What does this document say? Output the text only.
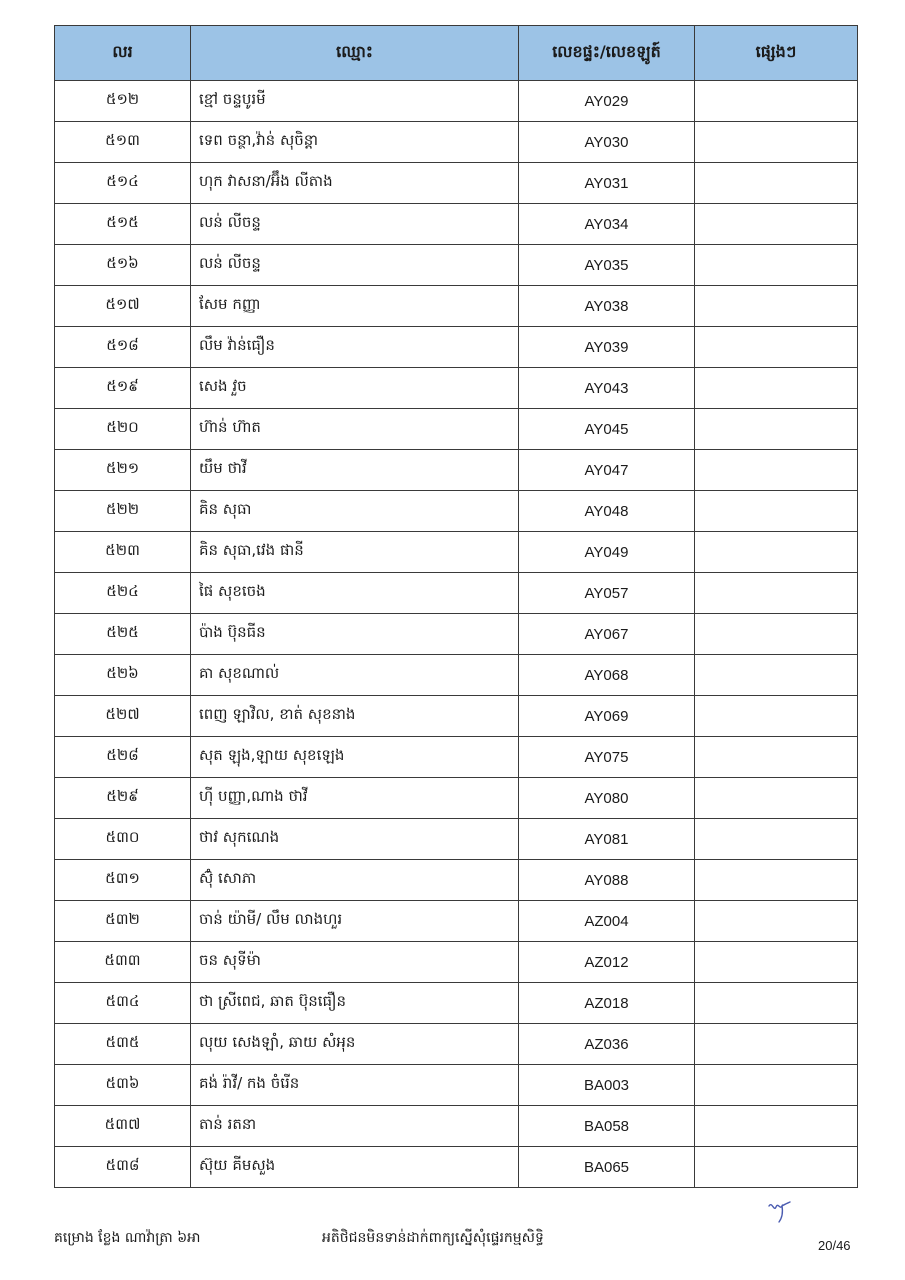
លរ	ឈ្មោះ	លេខផ្ទះ/លេខឡូត៍	ផ្សេងៗ
៥១២	ខ្មៅ ចន្ទបូរមី	AY029	
៥១៣	ទេព ចន្ថា,វ៉ាន់ សុចិន្តា	AY030	
៥១៤	ហុក វាសនា/អ៊ឹង លីតាង	AY031	
៥១៥	លន់ លីចន្ទ	AY034	
៥១៦	លន់ លីចន្ទ	AY035	
៥១៧	សែម កញ្ញា	AY038	
៥១៨	លឹម វ៉ាន់ធឿន	AY039	
៥១៩	សេង វួច	AY043	
៥២០	ហ៊ាន់ ហ៊ាត	AY045	
៥២១	យឹម ថាវី	AY047	
៥២២	គិន សុធា	AY048	
៥២៣	គិន សុធា,វេង ផានី	AY049	
៥២៤	ផៃ សុខចេង	AY057	
៥២៥	ប៉ាង ប៊ុនធីន	AY067	
៥២៦	គា សុខណាល់	AY068	
៥២៧	ពេញ ឡាវិល, ខាត់ សុខនាង	AY069	
៥២៨	សុត ឡុង,ឡាយ សុខឡេង	AY075	
៥២៩	ហ៊ី បញ្ញា,ណាង ថាវី	AY080	
៥៣០	ថាវ សុកណេង	AY081	
៥៣១	ស៊ុំ សោភា	AY088	
៥៣២	ចាន់ យ៉ាមី/ លឹម លាងហួរ	AZ004	
៥៣៣	ចន សុទីម៉ា	AZ012	
៥៣៤	ថា ស្រីពេជ, ឆាត ប៊ុនធឿន	AZ018	
៥៣៥	លុយ សេងឡាំ, ឆាយ សំអុន	AZ036	
៥៣៦	គង់ រ៉ាវី/ កង ចំរើន	BA003	
៥៣៧	តាន់ រតនា	BA058	
៥៣៨	ស៊ុយ គីមសួង	BA065	
គម្រោង ខ្លែង ណាវ៉ាត្រា ៦អា	អតិថិជនមិនទាន់ដាក់ពាក្យស្នើសុំផ្ទេរកម្មសិទ្ធិ	20/46
